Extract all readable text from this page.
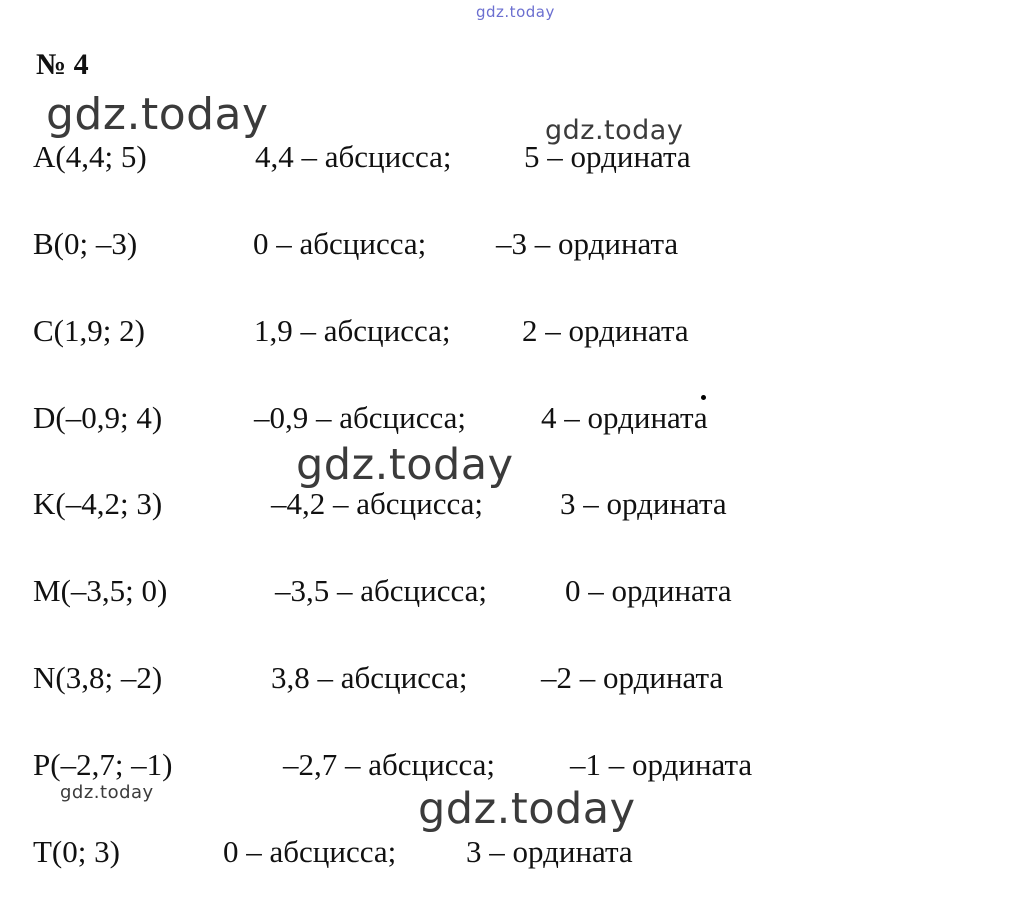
№ 4
A(4,4; 5)	4,4 – абсцисса; 5 – ордината
B(0; –3)	0 – абсцисса; –3 – ордината
C(1,9; 2)	1,9 – абсцисса; 2 – ордината
D(–0,9; 4)	–0,9 – абсцисса; 4 – ордината
K(–4,2; 3)	–4,2 – абсцисса; 3 – ордината
M(–3,5; 0)	–3,5 – абсцисса;	0 – ордината
N(3,8; –2)	3,8 – абсцисса; –2 – ордината
P(–2,7; –1)	–2,7 – абсцисса; –1 – ордината
T(0; 3)	0 – абсцисса; 3 – ордината
gdz.today
gdz.today	gdz.today
gdz.today
gdz.today	gdz.today
